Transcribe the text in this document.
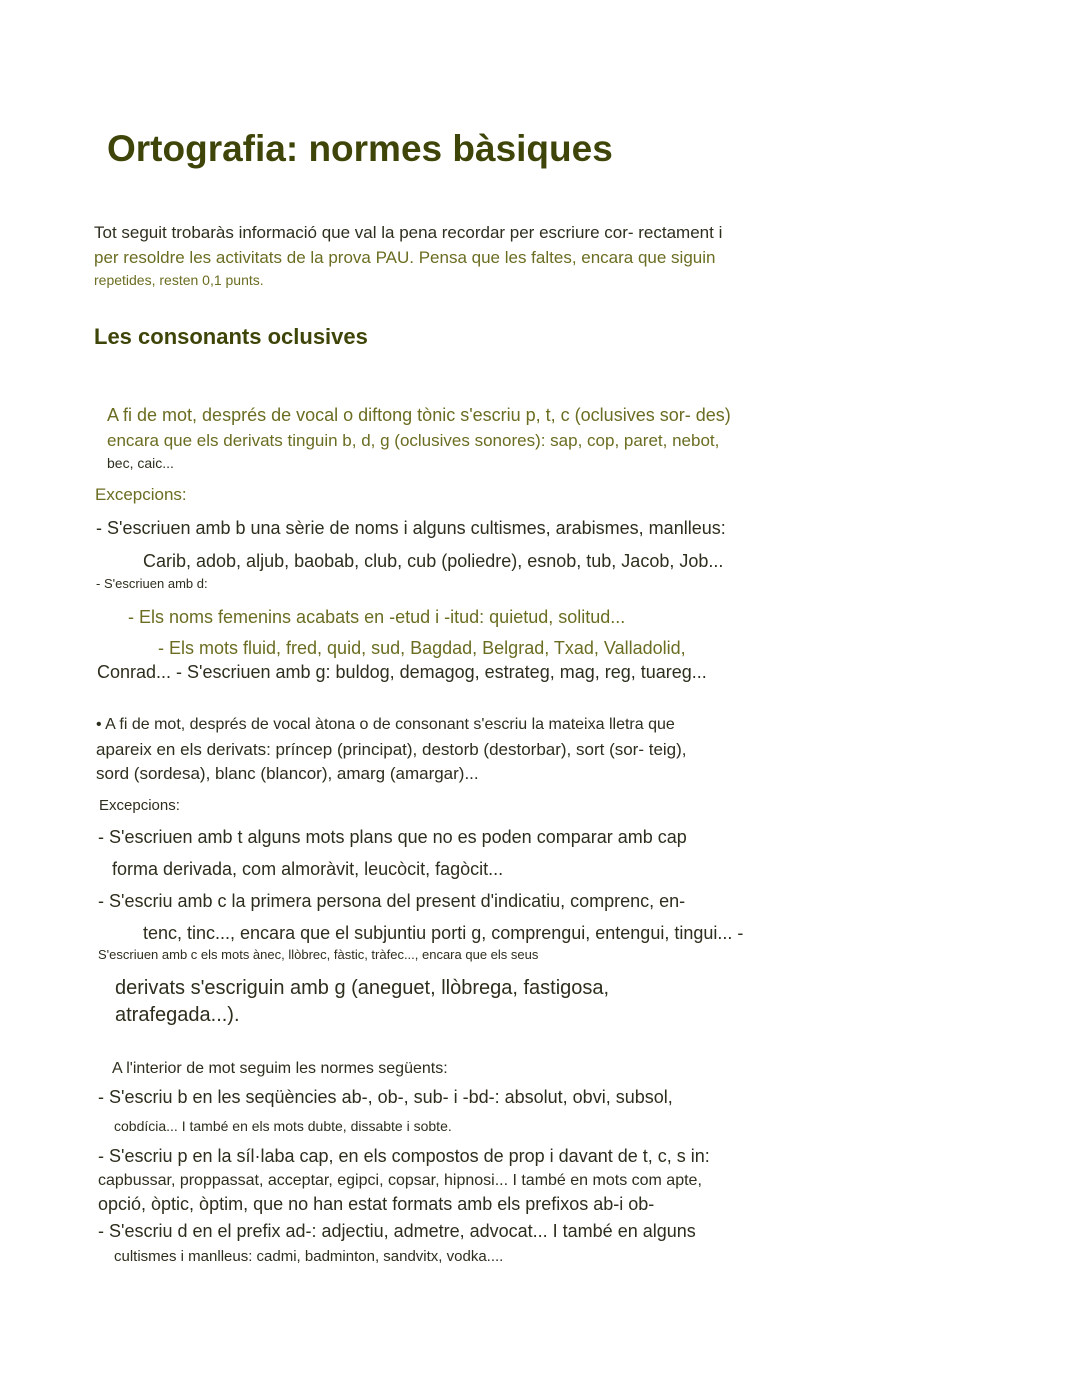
Ortografia: normes bàsiques
Tot seguit trobaràs informació que val la pena recordar per escriure cor- rectament i
per resoldre les activitats de la prova PAU. Pensa que les faltes, encara que siguin
repetides, resten 0,1 punts.
Les consonants oclusives
A fi de mot, després de vocal o diftong tònic s'escriu p, t, c (oclusives sor- des)
encara que els derivats tinguin b, d, g (oclusives sonores): sap, cop, paret, nebot,
bec, caic...
Excepcions:
- S'escriuen amb b una sèrie de noms i alguns cultismes, arabismes, manlleus:
Carib, adob, aljub, baobab, club, cub (poliedre), esnob, tub, Jacob, Job...
- S'escriuen amb d:
- Els noms femenins acabats en -etud i -itud: quietud, solitud...
- Els mots fluid, fred, quid, sud, Bagdad, Belgrad, Txad, Valladolid,
Conrad... - S'escriuen amb g: buldog, demagog, estrateg, mag, reg, tuareg...
• A fi de mot, després de vocal àtona o de consonant s'escriu la mateixa lletra que
apareix en els derivats: príncep (principat), destorb (destorbar), sort (sor- teig),
sord (sordesa), blanc (blancor), amarg (amargar)...
Excepcions:
- S'escriuen amb t alguns mots plans que no es poden comparar amb cap
forma derivada, com almoràvit, leucòcit, fagòcit...
- S'escriu amb c la primera persona del present d'indicatiu, comprenc, en-
tenc, tinc..., encara que el subjuntiu porti g, comprengui, entengui, tingui... -
S'escriuen amb c els mots ànec, llòbrec, fàstic, tràfec..., encara que els seus
derivats s'escriguin amb g (aneguet, llòbrega, fastigosa,
atrafegada...).
A l'interior de mot seguim les normes següents:
- S'escriu b en les seqüències ab-, ob-, sub- i -bd-: absolut, obvi, subsol,
cobdícia... I també en els mots dubte, dissabte i sobte.
- S'escriu p en la síl·laba cap, en els compostos de prop i davant de t, c, s in:
capbussar, proppassat, acceptar, egipci, copsar, hipnosi... I també en mots com apte,
opció, òptic, òptim, que no han estat formats amb els prefixos ab-i ob-
- S'escriu d en el prefix ad-: adjectiu, admetre, advocat... I també en alguns
cultismes i manlleus: cadmi, badminton, sandvitx, vodka....
